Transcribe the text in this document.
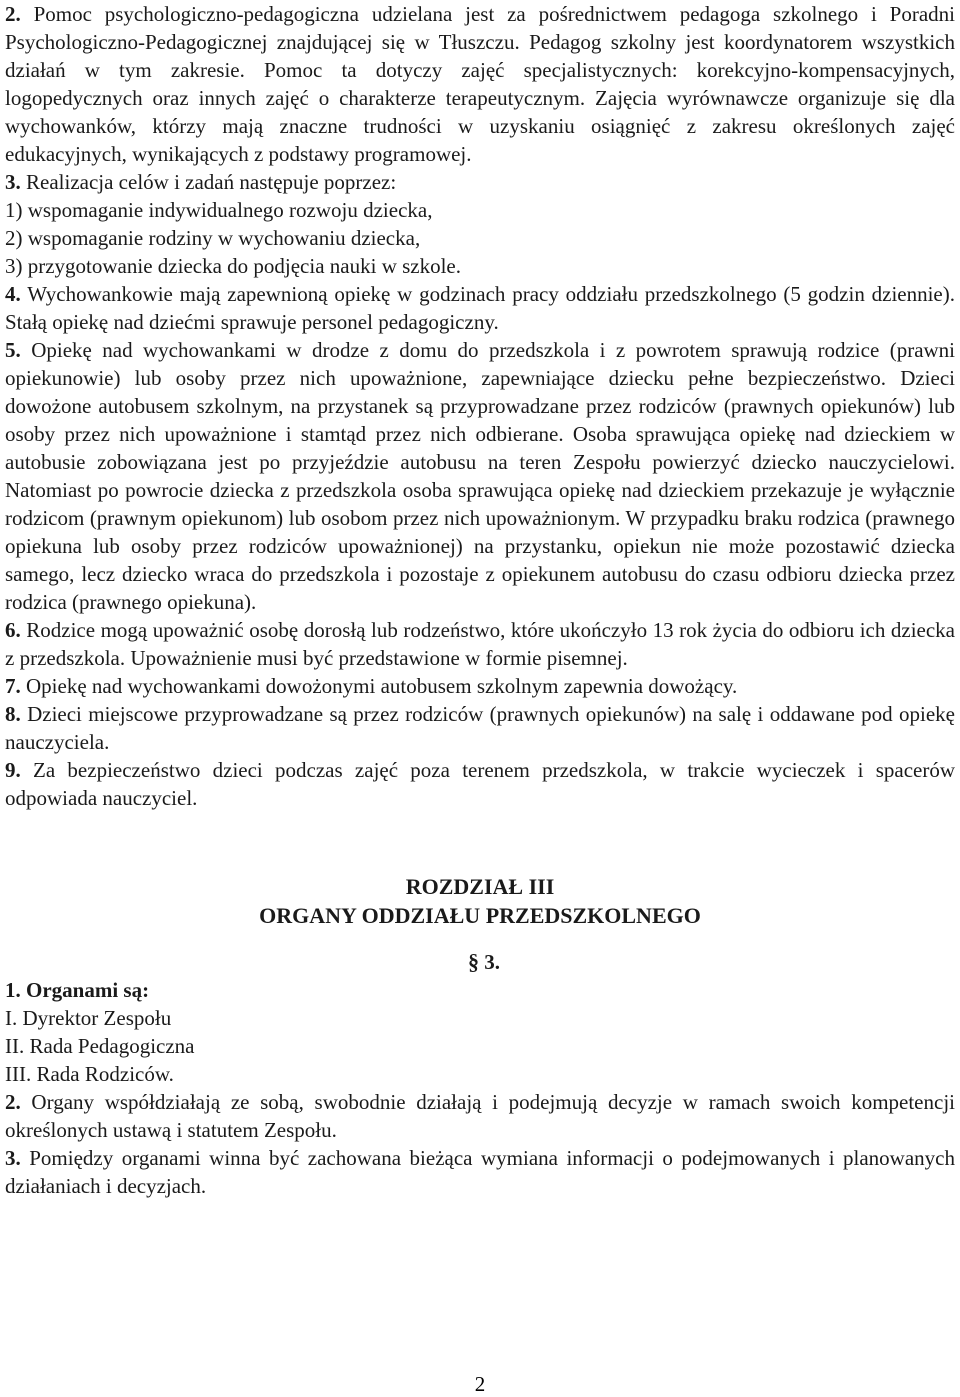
2. Pomoc psychologiczno-pedagogiczna udzielana jest za pośrednictwem pedagoga szkolnego i Poradni Psychologiczno-Pedagogicznej znajdującej się w Tłuszczu. Pedagog szkolny jest koordynatorem wszystkich działań w tym zakresie. Pomoc ta dotyczy zajęć specjalistycznych: korekcyjno-kompensacyjnych, logopedycznych oraz innych zajęć o charakterze terapeutycznym. Zajęcia wyrównawcze organizuje się dla wychowanków, którzy mają znaczne trudności w uzyskaniu osiągnięć z zakresu określonych zajęć edukacyjnych, wynikających z podstawy programowej.

3. Realizacja celów i zadań następuje poprzez:

1) wspomaganie indywidualnego rozwoju dziecka,

2) wspomaganie rodziny w wychowaniu dziecka,

3) przygotowanie dziecka do podjęcia nauki w szkole.

4. Wychowankowie mają zapewnioną opiekę w godzinach pracy oddziału przedszkolnego (5 godzin dziennie). Stałą opiekę nad dziećmi sprawuje personel pedagogiczny.

5. Opiekę nad wychowankami w drodze z domu do przedszkola i z powrotem sprawują rodzice (prawni opiekunowie) lub osoby przez nich upoważnione, zapewniające dziecku pełne bezpieczeństwo. Dzieci dowożone autobusem szkolnym, na przystanek są przyprowadzane przez rodziców (prawnych opiekunów) lub osoby przez nich upoważnione i stamtąd przez nich odbierane. Osoba sprawująca opiekę nad dzieckiem w autobusie zobowiązana jest po przyjeździe autobusu na teren Zespołu powierzyć dziecko nauczycielowi. Natomiast po powrocie dziecka z przedszkola osoba sprawująca opiekę nad dzieckiem przekazuje je wyłącznie rodzicom (prawnym opiekunom) lub osobom przez nich upoważnionym. W przypadku braku rodzica (prawnego opiekuna lub osoby przez rodziców upoważnionej) na przystanku, opiekun nie może pozostawić dziecka samego, lecz dziecko wraca do przedszkola i pozostaje z opiekunem autobusu do czasu odbioru dziecka przez rodzica (prawnego opiekuna).

6. Rodzice mogą upoważnić osobę dorosłą lub rodzeństwo, które ukończyło 13 rok życia do odbioru ich dziecka z przedszkola. Upoważnienie musi być przedstawione w formie pisemnej.

7. Opiekę nad wychowankami dowożonymi autobusem szkolnym zapewnia dowożący.

8. Dzieci miejscowe przyprowadzane są przez rodziców (prawnych opiekunów) na salę i oddawane pod opiekę nauczyciela.

9. Za bezpieczeństwo dzieci podczas zajęć poza terenem przedszkola, w trakcie wycieczek i spacerów odpowiada nauczyciel.

ROZDZIAŁ III
ORGANY ODDZIAŁU PRZEDSZKOLNEGO
§ 3.

1. Organami są:

I. Dyrektor Zespołu

II. Rada Pedagogiczna

III. Rada Rodziców.

2. Organy współdziałają ze sobą, swobodnie działają i podejmują decyzje w ramach swoich kompetencji określonych ustawą i statutem Zespołu.

3. Pomiędzy organami winna być zachowana bieżąca wymiana informacji o podejmowanych i planowanych działaniach i decyzjach.

2
